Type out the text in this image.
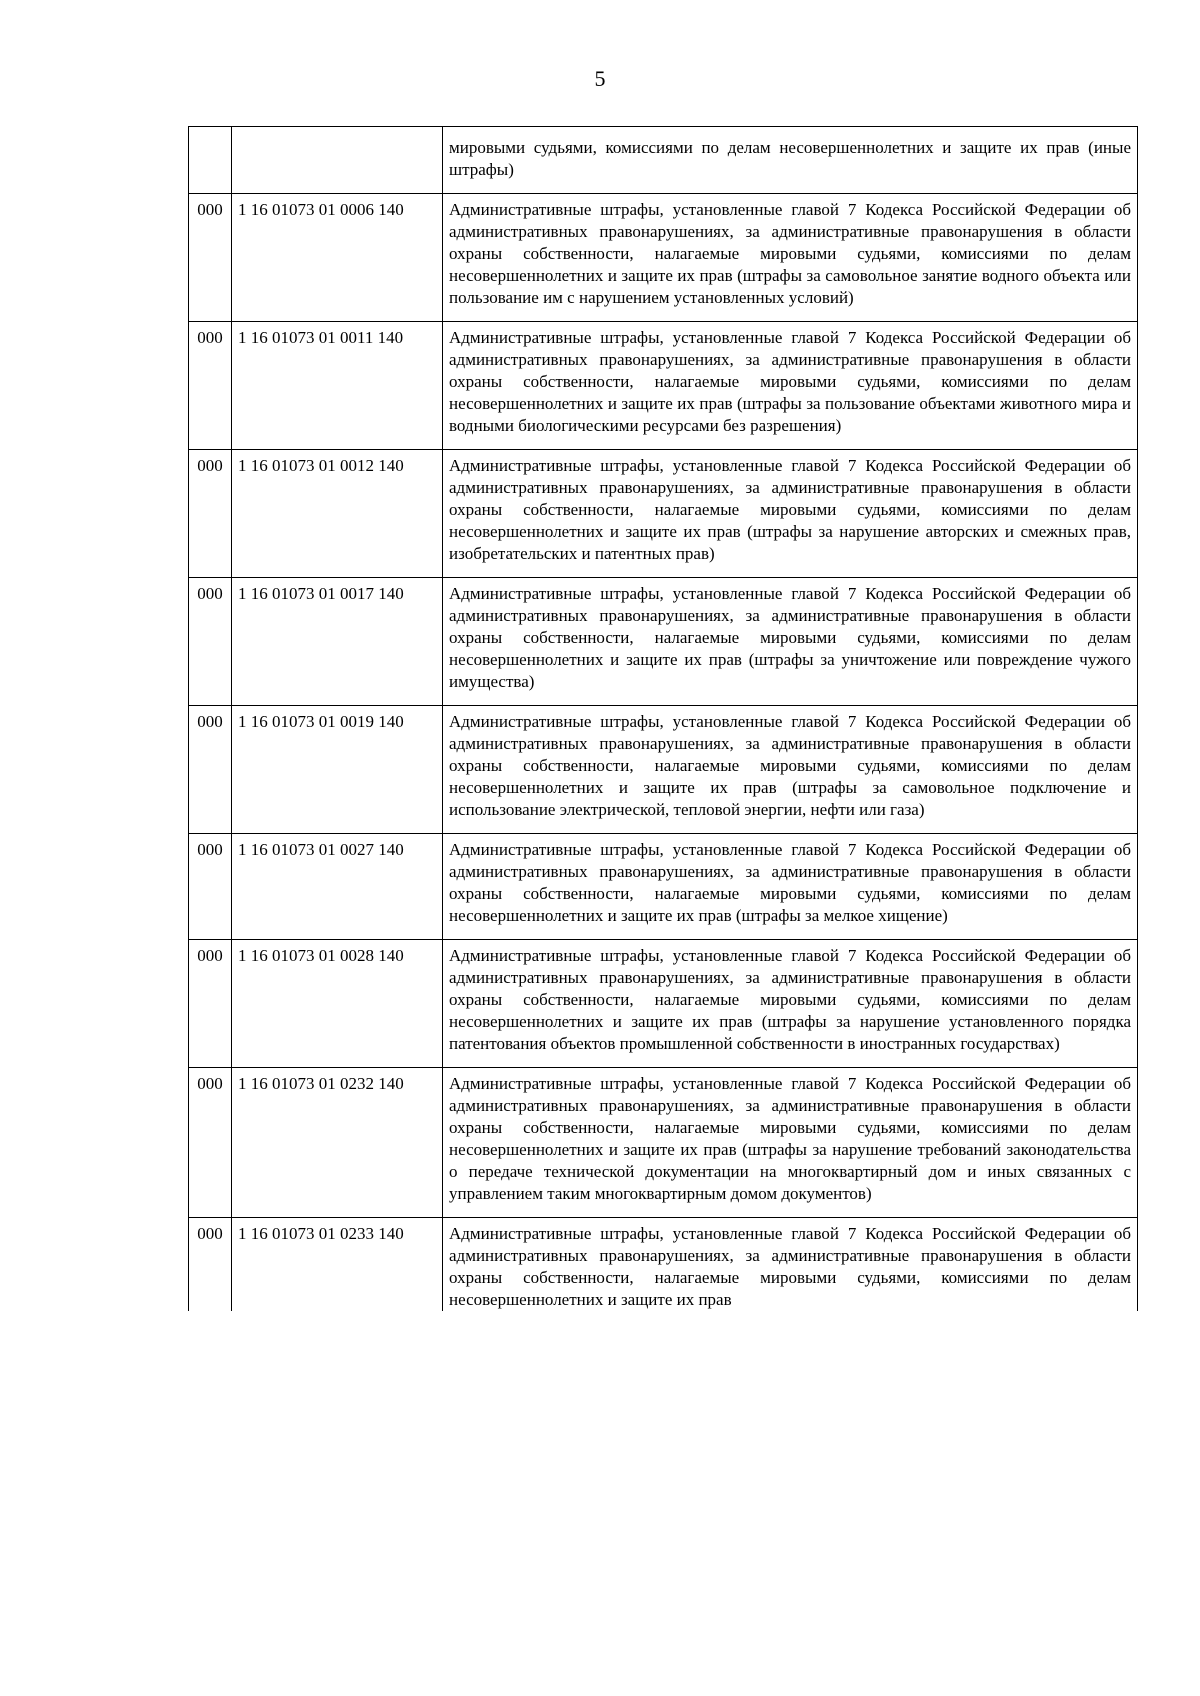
5
		мировыми судьями, комиссиями по делам несовершеннолетних и защите их прав (иные штрафы)
000	1 16 01073 01 0006 140	Административные штрафы, установленные главой 7 Кодекса Российской Федерации об административных правонарушениях, за административные правонарушения в области охраны собственности, налагаемые мировыми судьями, комиссиями по делам несовершеннолетних и защите их прав (штрафы за самовольное занятие водного объекта или пользование им с нарушением установленных условий)
000	1 16 01073 01 0011 140	Административные штрафы, установленные главой 7 Кодекса Российской Федерации об административных правонарушениях, за административные правонарушения в области охраны собственности, налагаемые мировыми судьями, комиссиями по делам несовершеннолетних и защите их прав (штрафы за пользование объектами животного мира и водными биологическими ресурсами без разрешения)
000	1 16 01073 01 0012 140	Административные штрафы, установленные главой 7 Кодекса Российской Федерации об административных правонарушениях, за административные правонарушения в области охраны собственности, налагаемые мировыми судьями, комиссиями по делам несовершеннолетних и защите их прав (штрафы за нарушение авторских и смежных прав, изобретательских и патентных прав)
000	1 16 01073 01 0017 140	Административные штрафы, установленные главой 7 Кодекса Российской Федерации об административных правонарушениях, за административные правонарушения в области охраны собственности, налагаемые мировыми судьями, комиссиями по делам несовершеннолетних и защите их прав (штрафы за уничтожение или повреждение чужого имущества)
000	1 16 01073 01 0019 140	Административные штрафы, установленные главой 7 Кодекса Российской Федерации об административных правонарушениях, за административные правонарушения в области охраны собственности, налагаемые мировыми судьями, комиссиями по делам несовершеннолетних и защите их прав (штрафы за самовольное подключение и использование электрической, тепловой энергии, нефти или газа)
000	1 16 01073 01 0027 140	Административные штрафы, установленные главой 7 Кодекса Российской Федерации об административных правонарушениях, за административные правонарушения в области охраны собственности, налагаемые мировыми судьями, комиссиями по делам несовершеннолетних и защите их прав (штрафы за мелкое хищение)
000	1 16 01073 01 0028 140	Административные штрафы, установленные главой 7 Кодекса Российской Федерации об административных правонарушениях, за административные правонарушения в области охраны собственности, налагаемые мировыми судьями, комиссиями по делам несовершеннолетних и защите их прав (штрафы за нарушение установленного порядка патентования объектов промышленной собственности в иностранных государствах)
000	1 16 01073 01 0232 140	Административные штрафы, установленные главой 7 Кодекса Российской Федерации об административных правонарушениях, за административные правонарушения в области охраны собственности, налагаемые мировыми судьями, комиссиями по делам несовершеннолетних и защите их прав (штрафы за нарушение требований законодательства о передаче технической документации на многоквартирный дом и иных связанных с управлением таким многоквартирным домом документов)
000	1 16 01073 01 0233 140	Административные штрафы, установленные главой 7 Кодекса Российской Федерации об административных правонарушениях, за административные правонарушения в области охраны собственности, налагаемые мировыми судьями, комиссиями по делам несовершеннолетних и защите их прав
